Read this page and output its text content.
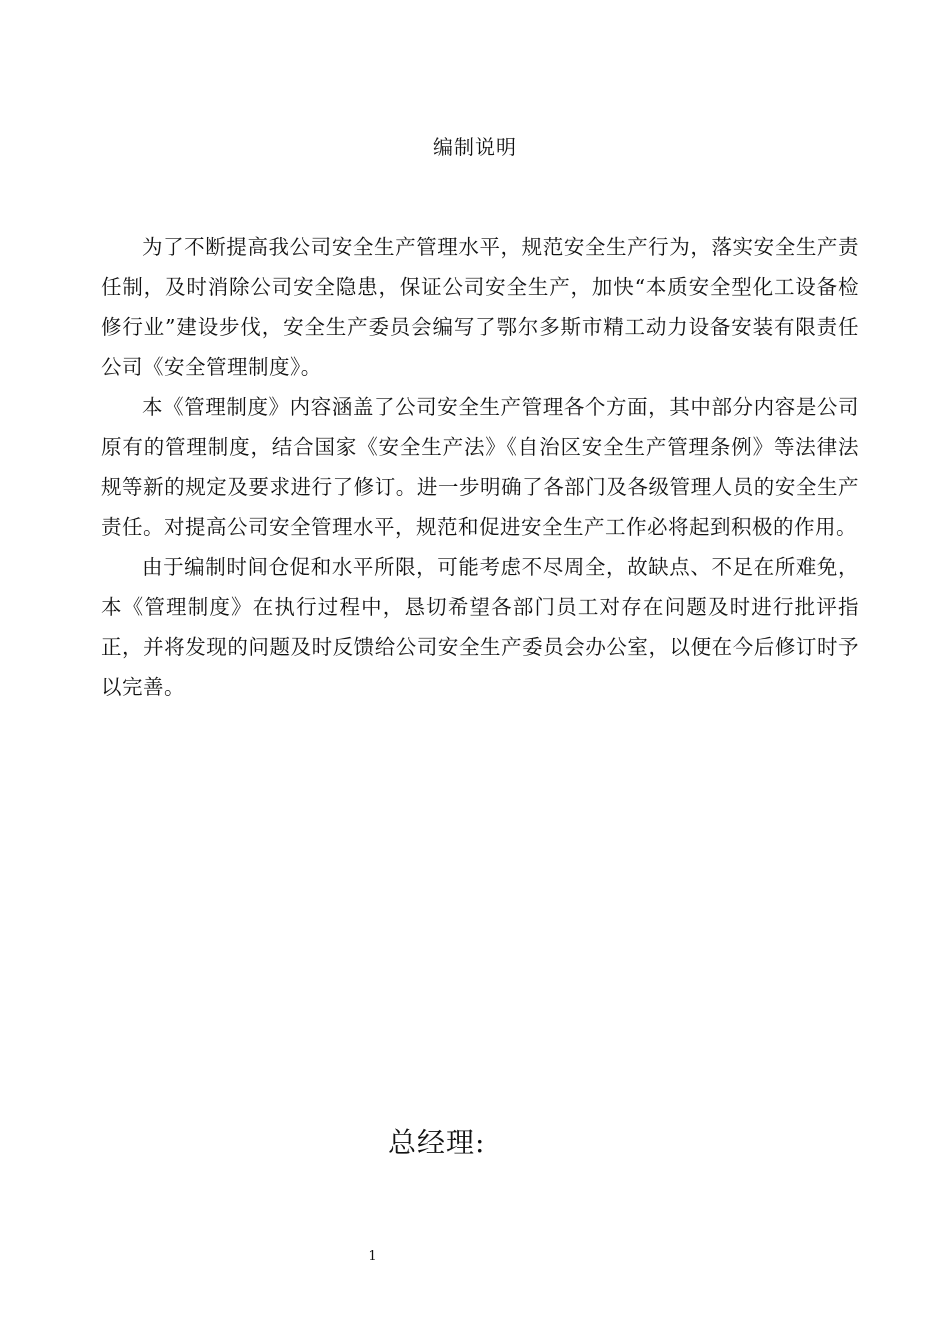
编制说明

为了不断提高我公司安全生产管理水平，规范安全生产行为，落实安全生产责任制，及时消除公司安全隐患，保证公司安全生产，加快“本质安全型化工设备检修行业”建设步伐，安全生产委员会编写了鄂尔多斯市精工动力设备安装有限责任公司《安全管理制度》。

本《管理制度》内容涵盖了公司安全生产管理各个方面，其中部分内容是公司原有的管理制度，结合国家《安全生产法》《自治区安全生产管理条例》等法律法规等新的规定及要求进行了修订。进一步明确了各部门及各级管理人员的安全生产责任。对提高公司安全管理水平，规范和促进安全生产工作必将起到积极的作用。

由于编制时间仓促和水平所限，可能考虑不尽周全，故缺点、不足在所难免，本《管理制度》在执行过程中，恳切希望各部门员工对存在问题及时进行批评指正，并将发现的问题及时反馈给公司安全生产委员会办公室，以便在今后修订时予以完善。

总经理:
1
